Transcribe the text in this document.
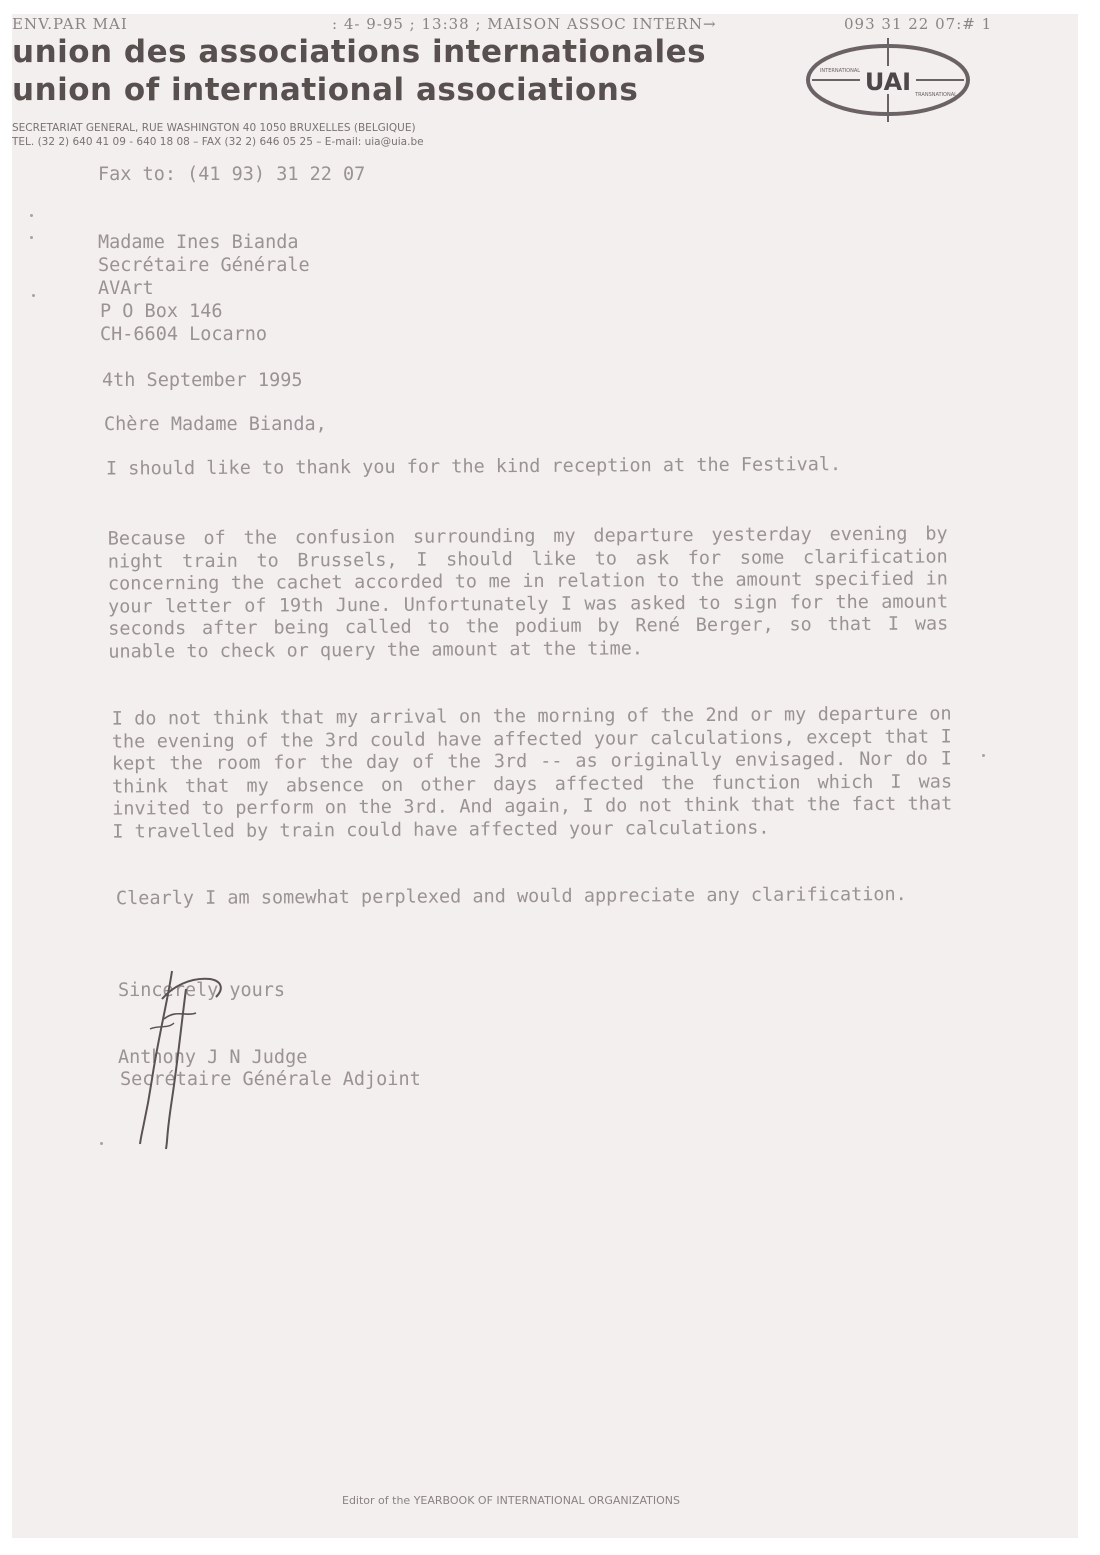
ENV.PAR MAI	: 4- 9-95 ; 13:38 ; MAISON ASSOC INTERN→	093 31 22 07:# 1
union des associations internationales
union of international associations
SECRETARIAT GENERAL, RUE WASHINGTON 40 1050 BRUXELLES (BELGIQUE)
TEL. (32 2) 640 41 09 - 640 18 08 – FAX (32 2) 646 05 25 – E-mail: uia@uia.be
UAI
INTERNATIONAL
TRANSNATIONAL
Fax to: (41 93) 31 22 07
Madame Ines Bianda
Secrétaire Générale
AVArt
P O Box 146
CH-6604 Locarno
4th September 1995
Chère Madame Bianda,
I should like to thank you for the kind reception at the Festival.
Because of the confusion surrounding my departure yesterday evening by night train to Brussels, I should like to ask for some clarification concerning the cachet accorded to me in relation to the amount specified in your letter of 19th June. Unfortunately I was asked to sign for the amount seconds after being called to the podium by René Berger, so that I was unable to check or query the amount at the time.
I do not think that my arrival on the morning of the 2nd or my departure on the evening of the 3rd could have affected your calculations, except that I kept the room for the day of the 3rd -- as originally envisaged. Nor do I think that my absence on other days affected the function which I was invited to perform on the 3rd. And again, I do not think that the fact that I travelled by train could have affected your calculations.
Clearly I am somewhat perplexed and would appreciate any clarification.
Sincerely yours
Anthony J N Judge
Secrétaire Générale Adjoint
Editor of the YEARBOOK OF INTERNATIONAL ORGANIZATIONS
